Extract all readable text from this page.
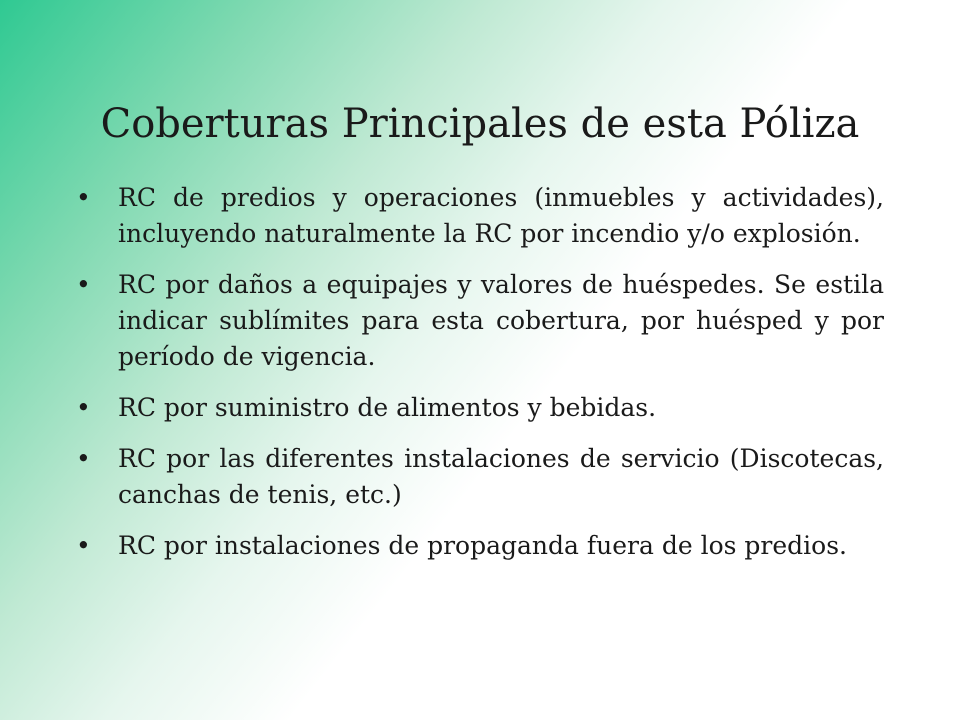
Coberturas Principales de esta Póliza
•	RC de predios y operaciones (inmuebles y actividades), incluyendo naturalmente la RC por incendio y/o explosión.
•	RC por daños a equipajes y valores de huéspedes. Se estila indicar sublímites para esta cobertura, por huésped y por período de vigencia.
•	RC por suministro de alimentos y bebidas.
•	RC por las diferentes instalaciones de servicio (Discotecas, canchas de tenis, etc.)
•	RC por instalaciones de propaganda fuera de los predios.
